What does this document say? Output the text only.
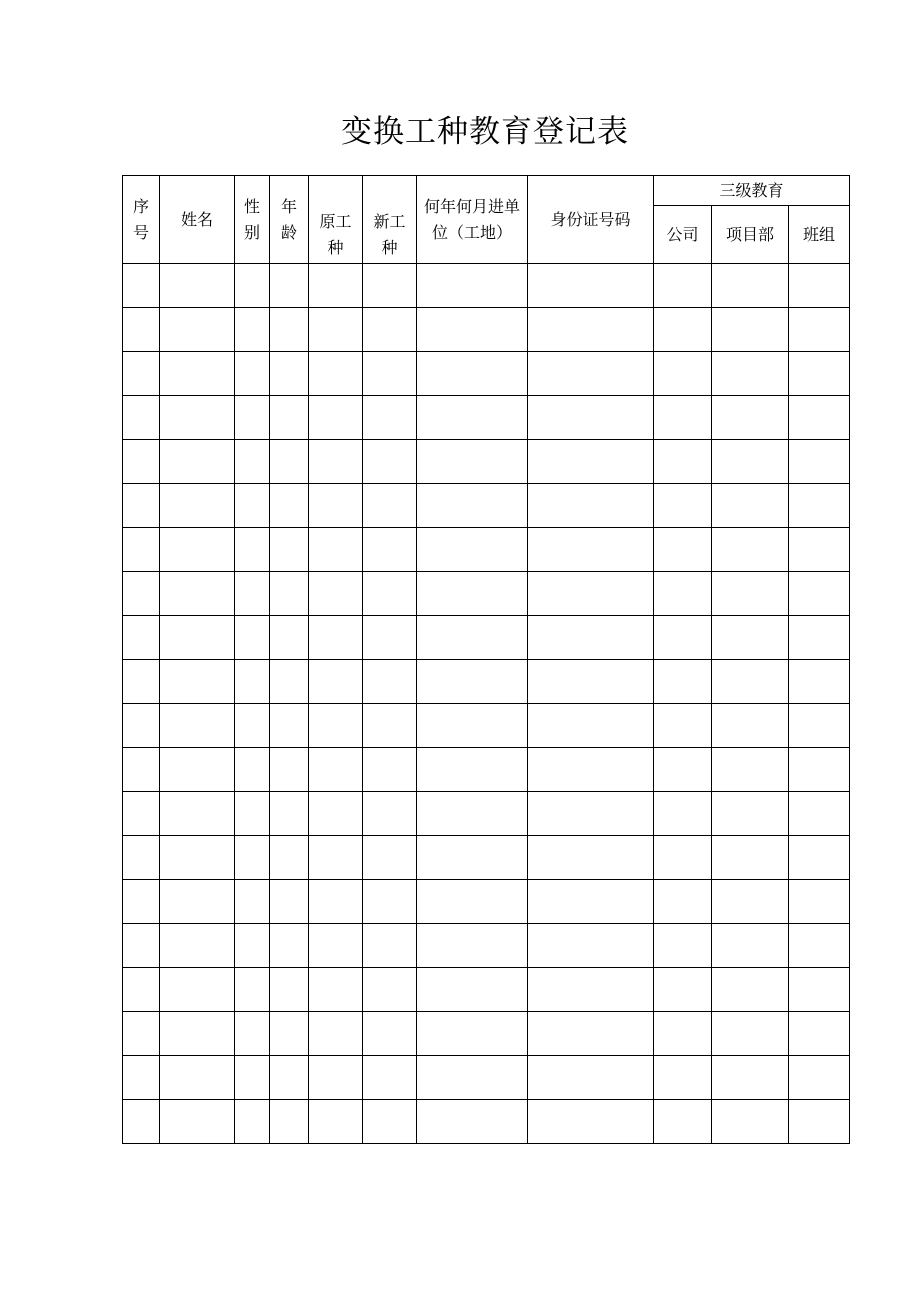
变换工种教育登记表
序号	姓名	性别	年龄	原工种	新工种	何年何月进单位（工地）	身份证号码	三级教育		
								公司	项目部	班组
